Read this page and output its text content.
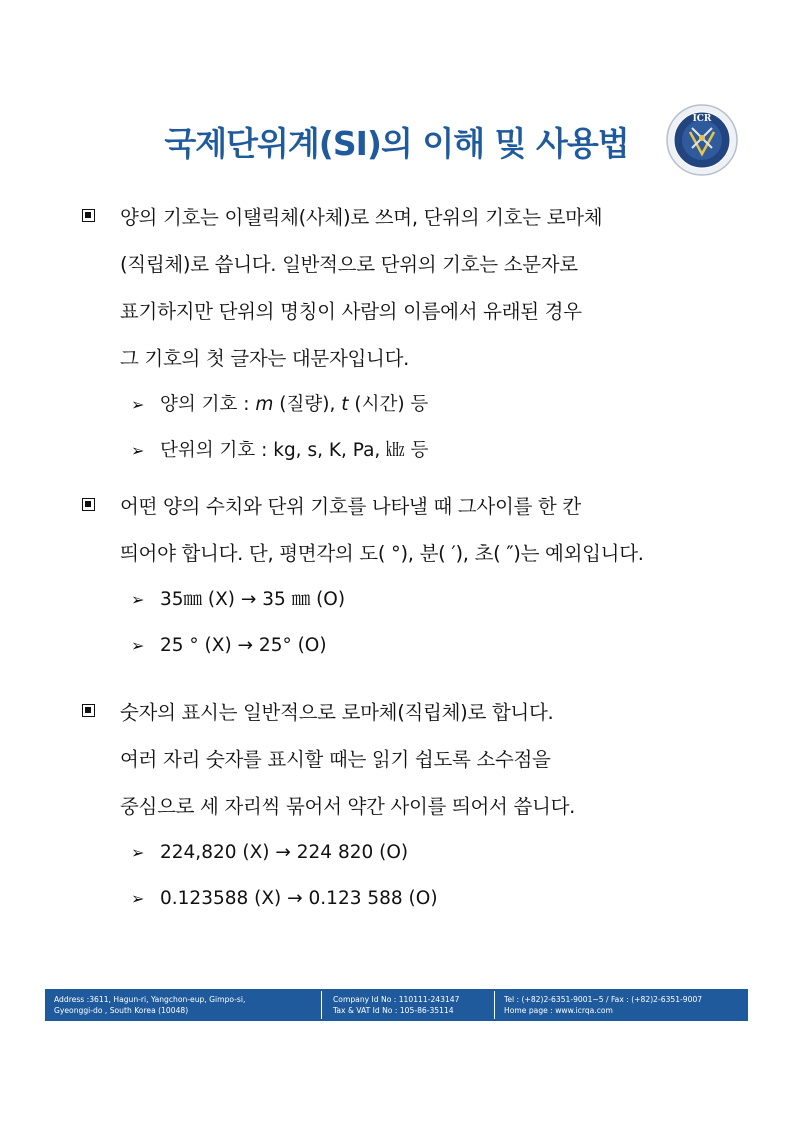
국제단위계(SI)의 이해 및 사용법
ICR
양의 기호는 이탤릭체(사체)로 쓰며, 단위의 기호는 로마체
(직립체)로 씁니다. 일반적으로 단위의 기호는 소문자로
표기하지만 단위의 명칭이 사람의 이름에서 유래된 경우
그 기호의 첫 글자는 대문자입니다.
➢ 양의 기호 : m (질량), t (시간) 등
➢ 단위의 기호 : kg, s, K, Pa, ㎑ 등
어떤 양의 수치와 단위 기호를 나타낼 때 그사이를 한 칸
띄어야 합니다. 단, 평면각의 도( °), 분( ′), 초( ″)는 예외입니다.
➢ 35㎜ (X) → 35 ㎜ (O)
➢ 25 ° (X) → 25° (O)
숫자의 표시는 일반적으로 로마체(직립체)로 합니다.
여러 자리 숫자를 표시할 때는 읽기 쉽도록 소수점을
중심으로 세 자리씩 묶어서 약간 사이를 띄어서 씁니다.
➢ 224,820 (X) → 224 820 (O)
➢ 0.123588 (X) → 0.123 588 (O)
Address :3611, Hagun-ri, Yangchon-eup, Gimpo-si,
Gyeonggi-do , South Korea (10048)
Company Id No : 110111-243147
Tax & VAT Id No : 105-86-35114
Tel : (+82)2-6351-9001~5 / Fax : (+82)2-6351-9007
Home page : www.icrqa.com
